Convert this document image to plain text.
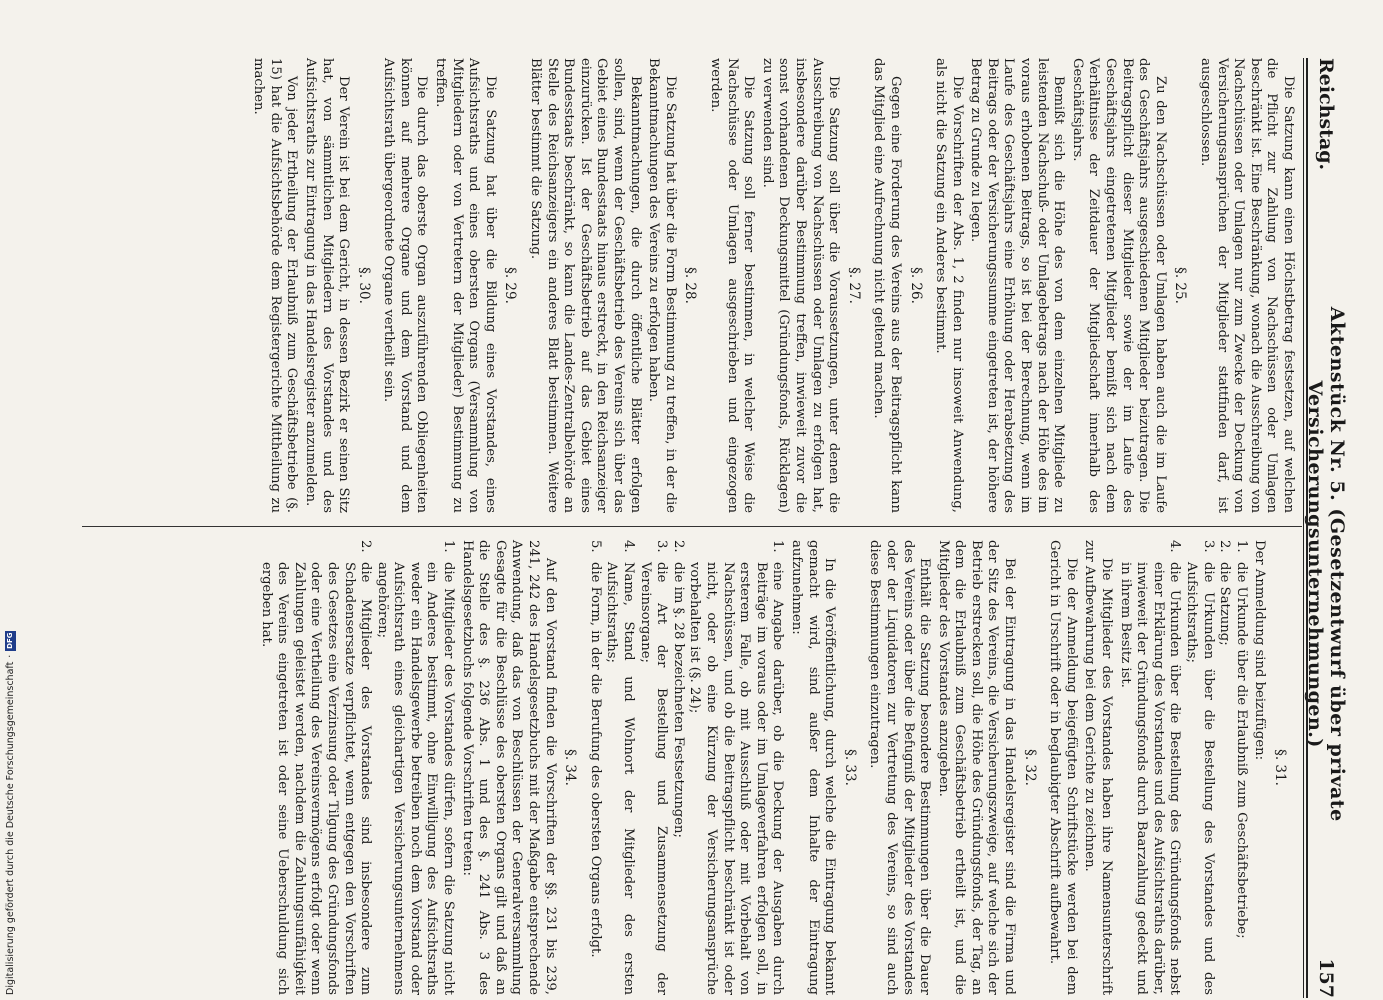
Reichstag.
Aktenstück Nr. 5. (Gesetzentwurf über private Versicherungsunternehmungen.)
157

Die Satzung kann einen Höchstbetrag festsetzen, auf welchen die Pflicht zur Zahlung von Nachschüssen oder Umlagen beschränkt ist. Eine Beschränkung, wonach die Ausschreibung von Nachschüssen oder Umlagen nur zum Zwecke der Deckung von Versicherungsansprüchen der Mitglieder stattfinden darf, ist ausgeschlossen.

§. 25.

Zu den Nachschüssen oder Umlagen haben auch die im Laufe des Geschäftsjahrs ausgeschiedenen Mitglieder beizutragen. Die Beitragspflicht dieser Mitglieder sowie der im Laufe des Geschäftsjahrs eingetretenen Mitglieder bemißt sich nach dem Verhältnisse der Zeitdauer der Mitgliedschaft innerhalb des Geschäftsjahrs.

Bemißt sich die Höhe des von dem einzelnen Mitgliede zu leistenden Nachschuß- oder Umlagebetrags nach der Höhe des im voraus erhobenen Beitrags, so ist bei der Berechnung, wenn im Laufe des Geschäftsjahrs eine Erhöhung oder Herabsetzung des Beitrags oder der Versicherungssumme eingetreten ist, der höhere Betrag zu Grunde zu legen.

Die Vorschriften der Abs. 1, 2 finden nur insoweit Anwendung, als nicht die Satzung ein Anderes bestimmt.

§. 26.

Gegen eine Forderung des Vereins aus der Beitragspflicht kann das Mitglied eine Aufrechnung nicht geltend machen.

§. 27.

Die Satzung soll über die Voraussetzungen, unter denen die Ausschreibung von Nachschüssen oder Umlagen zu erfolgen hat, insbesondere darüber Bestimmung treffen, inwieweit zuvor die sonst vorhandenen Deckungsmittel (Gründungsfonds, Rücklagen) zu verwenden sind.

Die Satzung soll ferner bestimmen, in welcher Weise die Nachschüsse oder Umlagen ausgeschrieben und eingezogen werden.

§. 28.

Die Satzung hat über die Form Bestimmung zu treffen, in der die Bekanntmachungen des Vereins zu erfolgen haben.

Bekanntmachungen, die durch öffentliche Blätter erfolgen sollen, sind, wenn der Geschäftsbetrieb des Vereins sich über das Gebiet eines Bundesstaats hinaus erstreckt, in den Reichsanzeiger einzurücken. Ist der Geschäftsbetrieb auf das Gebiet eines Bundesstaats beschränkt, so kann die Landes-Zentralbehörde an Stelle des Reichsanzeigers ein anderes Blatt bestimmen. Weitere Blätter bestimmt die Satzung.

§. 29.

Die Satzung hat über die Bildung eines Vorstandes, eines Aufsichtsraths und eines obersten Organs (Versammlung von Mitgliedern oder von Vertretern der Mitglieder) Bestimmung zu treffen.

Die durch das oberste Organ auszuführenden Obliegenheiten können auf mehrere Organe und dem Vorstand und dem Aufsichtsrath übergeordnete Organe vertheilt sein.

§. 30.

Der Verein ist bei dem Gericht, in dessen Bezirk er seinen Sitz hat, von sämmtlichen Mitgliedern des Vorstandes und des Aufsichtsraths zur Eintragung in das Handelsregister anzumelden.

Von jeder Ertheilung der Erlaubniß zum Geschäftsbetriebe (§. 15) hat die Aufsichtsbehörde dem Registergerichte Mittheilung zu machen.

§. 31.

Der Anmeldung sind beizufügen:

1.
die Urkunde über die Erlaubniß zum Geschäftsbetriebe;
2.
die Satzung;
3.
die Urkunden über die Bestellung des Vorstandes und des Aufsichtsraths;
4.
die Urkunden über die Bestellung des Gründungsfonds nebst einer Erklärung des Vorstandes und des Aufsichtsraths darüber, inwieweit der Gründungsfonds durch Baarzahlung gedeckt und in ihrem Besitz ist.

Die Mitglieder des Vorstandes haben ihre Namensunterschrift zur Aufbewahrung bei dem Gerichte zu zeichnen.

Die der Anmeldung beigefügten Schriftstücke werden bei dem Gericht in Urschrift oder in beglaubigter Abschrift aufbewahrt.

§. 32.

Bei der Eintragung in das Handelsregister sind die Firma und der Sitz des Vereins, die Versicherungszweige, auf welche sich der Betrieb erstrecken soll, die Höhe des Gründungsfonds, der Tag, an dem die Erlaubniß zum Geschäftsbetrieb ertheilt ist, und die Mitglieder des Vorstandes anzugeben.

Enthält die Satzung besondere Bestimmungen über die Dauer des Vereins oder über die Befugniß der Mitglieder des Vorstandes oder der Liquidatoren zur Vertretung des Vereins, so sind auch diese Bestimmungen einzutragen.

§. 33.

In die Veröffentlichung, durch welche die Eintragung bekannt gemacht wird, sind außer dem Inhalte der Eintragung aufzunehmen:

1.
eine Angabe darüber, ob die Deckung der Ausgaben durch Beiträge im voraus oder im Umlageverfahren erfolgen soll, in ersterem Falle, ob mit Ausschluß oder mit Vorbehalt von Nachschüssen, und ob die Beitragspflicht beschränkt ist oder nicht, oder ob eine Kürzung der Versicherungsansprüche vorbehalten ist (§. 24);
2.
die im §. 28 bezeichneten Festsetzungen;
3.
die Art der Bestellung und Zusammensetzung der Vereinsorgane;
4.
Name, Stand und Wohnort der Mitglieder des ersten Aufsichtsraths;
5.
die Form, in der die Berufung des obersten Organs erfolgt.
§. 34.

Auf den Vorstand finden die Vorschriften der §§. 231 bis 239, 241, 242 des Handelsgesetzbuchs mit der Maßgabe entsprechende Anwendung, daß das von Beschlüssen der Generalversammlung Gesagte für die Beschlüsse des obersten Organs gilt und daß an die Stelle des §. 236 Abs. 1 und des §. 241 Abs. 3 des Handelsgesetzbuchs folgende Vorschriften treten:

1.
die Mitglieder des Vorstandes dürfen, sofern die Satzung nicht ein Anderes bestimmt, ohne Einwilligung des Aufsichtsraths weder ein Handelsgewerbe betreiben noch dem Vorstand oder Aufsichtsrath eines gleichartigen Versicherungsunternehmens angehören;
2.
die Mitglieder des Vorstandes sind insbesondere zum Schadensersatze verpflichtet, wenn entgegen den Vorschriften des Gesetzes eine Verzinsung oder Tilgung des Gründungsfonds oder eine Vertheilung des Vereinsvermögens erfolgt oder wenn Zahlungen geleistet werden, nachdem die Zahlungsunfähigkeit des Vereins eingetreten ist oder seine Ueberschuldung sich ergeben hat.
Digitalisierung gefördert durch die Deutsche Forschungsgemeinschaft
·
DFG
